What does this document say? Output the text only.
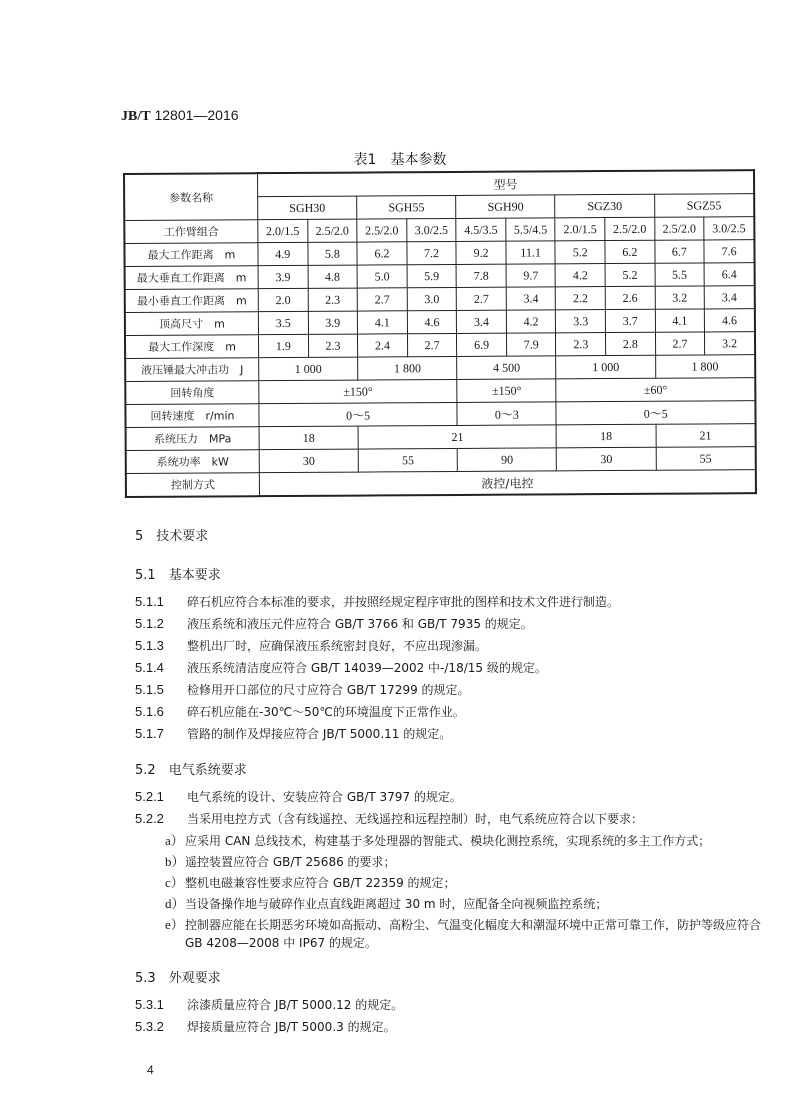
JB/T 12801—2016
表1　基本参数
参数名称	型号									
	SGH30		SGH55		SGH90		SGZ30		SGZ55	
工作臂组合	2.0/1.5	2.5/2.0	2.5/2.0	3.0/2.5	4.5/3.5	5.5/4.5	2.0/1.5	2.5/2.0	2.5/2.0	3.0/2.5
最大工作距离　m	4.9	5.8	6.2	7.2	9.2	11.1	5.2	6.2	6.7	7.6
最大垂直工作距离　m	3.9	4.8	5.0	5.9	7.8	9.7	4.2	5.2	5.5	6.4
最小垂直工作距离　m	2.0	2.3	2.7	3.0	2.7	3.4	2.2	2.6	3.2	3.4
顶高尺寸　m	3.5	3.9	4.1	4.6	3.4	4.2	3.3	3.7	4.1	4.6
最大工作深度　m	1.9	2.3	2.4	2.7	6.9	7.9	2.3	2.8	2.7	3.2
液压锤最大冲击功　J	1 000		1 800		4 500		1 000		1 800	
回转角度	±150°				±150°		±60°			
回转速度　r/min	0～5				0～3		0～5			
系统压力　MPa	18		21				18		21	
系统功率　kW	30		55		90		30		55	
控制方式	液控/电控									
5　 技术要求
5.1　 基本要求
5.1.1	碎石机应符合本标准的要求，并按照经规定程序审批的图样和技术文件进行制造。
5.1.2	液压系统和液压元件应符合 GB/T 3766 和 GB/T 7935 的规定。
5.1.3	整机出厂时，应确保液压系统密封良好，不应出现渗漏。
5.1.4	液压系统清洁度应符合 GB/T 14039—2002 中-/18/15 级的规定。
5.1.5	检修用开口部位的尺寸应符合 GB/T 17299 的规定。
5.1.6	碎石机应能在-30℃～50℃的环境温度下正常作业。
5.1.7	管路的制作及焊接应符合 JB/T 5000.11 的规定。
5.2　 电气系统要求
5.2.1	电气系统的设计、安装应符合 GB/T 3797 的规定。
5.2.2	当采用电控方式（含有线遥控、无线遥控和远程控制）时，电气系统应符合以下要求：
a） 应采用 CAN 总线技术，构建基于多处理器的智能式、模块化测控系统，实现系统的多主工作方式；
b） 遥控装置应符合 GB/T 25686 的要求；
c） 整机电磁兼容性要求应符合 GB/T 22359 的规定；
d） 当设备操作地与破碎作业点直线距离超过 30 m 时，应配备全向视频监控系统；
e） 控制器应能在长期恶劣环境如高振动、高粉尘、气温变化幅度大和潮湿环境中正常可靠工作，防护等级应符合 GB 4208—2008 中 IP67 的规定。
5.3　 外观要求
5.3.1	涂漆质量应符合 JB/T 5000.12 的规定。
5.3.2	焊接质量应符合 JB/T 5000.3 的规定。
4
